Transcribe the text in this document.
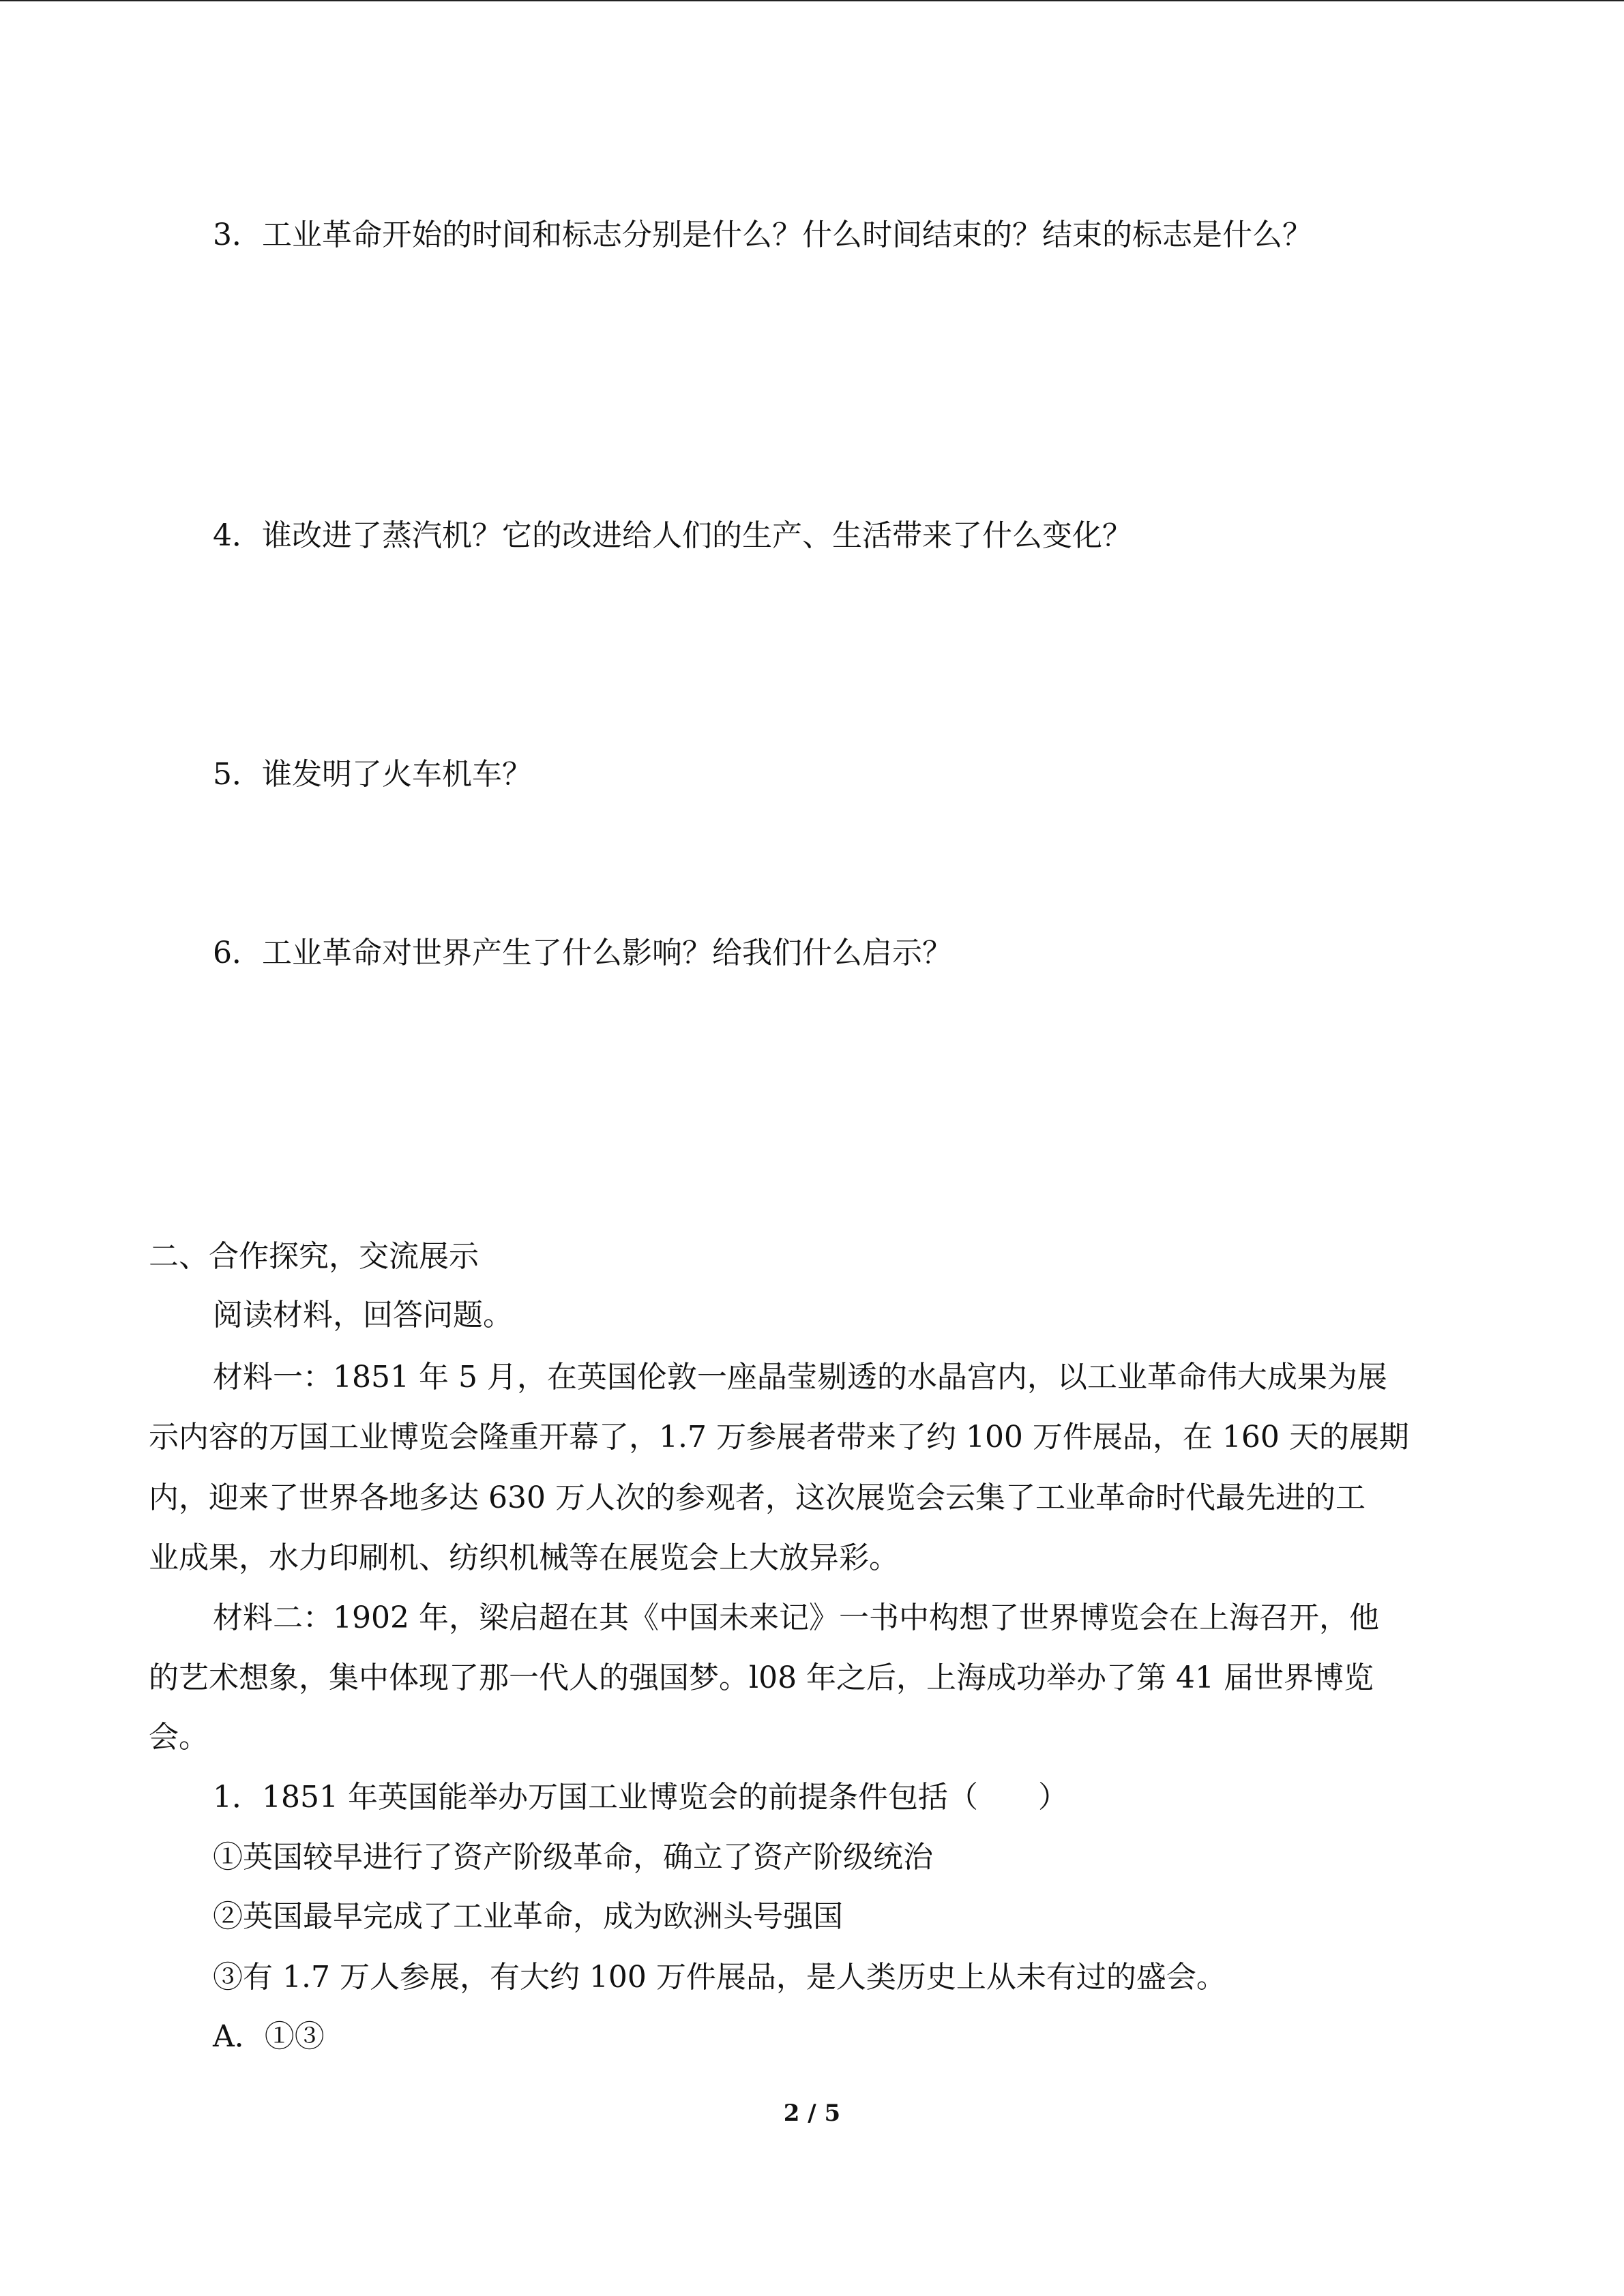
3．工业革命开始的时间和标志分别是什么？什么时间结束的？结束的标志是什么？

4．谁改进了蒸汽机？它的改进给人们的生产、生活带来了什么变化？

5．谁发明了火车机车？

6．工业革命对世界产生了什么影响？给我们什么启示？

二、合作探究，交流展示

阅读材料，回答问题。

材料一：1851 年 5 月，在英国伦敦一座晶莹剔透的水晶宫内，以工业革命伟大成果为展

示内容的万国工业博览会隆重开幕了，1.7 万参展者带来了约 100 万件展品，在 160 天的展期

内，迎来了世界各地多达 630 万人次的参观者，这次展览会云集了工业革命时代最先进的工

业成果，水力印刷机、纺织机械等在展览会上大放异彩。

材料二：1902 年，梁启超在其《中国未来记》一书中构想了世界博览会在上海召开，他

的艺术想象，集中体现了那一代人的强国梦。l08 年之后，上海成功举办了第 41 届世界博览

会。

1．1851 年英国能举办万国工业博览会的前提条件包括（　　）

①英国较早进行了资产阶级革命，确立了资产阶级统治

②英国最早完成了工业革命，成为欧洲头号强国

③有 1.7 万人参展，有大约 100 万件展品，是人类历史上从未有过的盛会。

A．①③

2 / 5
